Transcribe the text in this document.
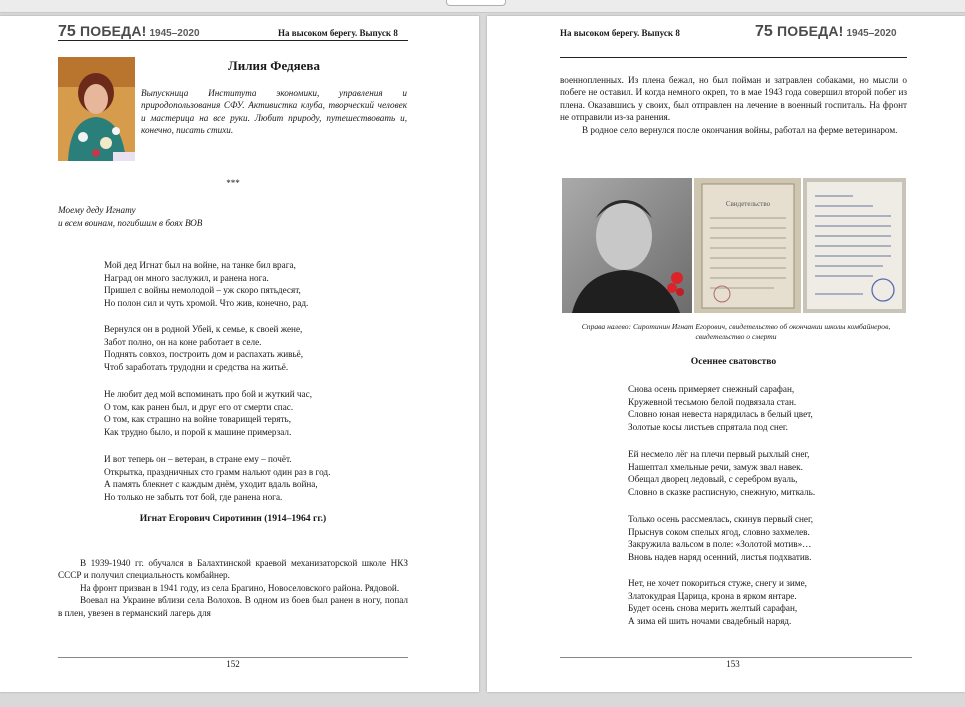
75 ПОБЕДА! 1945–2020	На высоком берегу. Выпуск 8
Лилия Федяева
Выпускница Института экономики, управления и природопользования СФУ. Активистка клуба, творческий человек и мастерица на все руки. Любит природу, путешествовать и, конечно, писать стихи.
***
Моему деду Игнату
и всем воинам, погибшим в боях ВОВ
Мой дед Игнат был на войне, на танке бил врага,
Наград он много заслужил, и ранена нога.
Пришел с войны немолодой – уж скоро пятьдесят,
Но полон сил и чуть хромой. Что жив, конечно, рад.
Вернулся он в родной Убей, к семье, к своей жене,
Забот полно, он на коне работает в селе.
Поднять совхоз, построить дом и распахать живьё,
Чтоб заработать трудодни и средства на житьё.
Не любит дед мой вспоминать про бой и жуткий час,
О том, как ранен был, и друг его от смерти спас.
О том, как страшно на войне товарищей терять,
Как трудно было, и порой к машине примерзал.
И вот теперь он – ветеран, в стране ему – почёт.
Открытка, праздничных сто грамм нальют один раз в год.
А память блекнет с каждым днём, уходит вдаль война,
Но только не забыть тот бой, где ранена нога.
Игнат Егорович Сиротинин (1914–1964 гг.)

В 1939-1940 гг. обучался в Балахтинской краевой механизаторской школе НКЗ СССР и получил специальность комбайнер.

На фронт призван в 1941 году, из села Брагино, Новоселовского района. Рядовой.

Воевал на Украине вблизи села Волохов. В одном из боев был ранен в ногу, попал в плен, увезен в германский лагерь для

152
На высоком берегу. Выпуск 8	75 ПОБЕДА! 1945–2020

военнопленных. Из плена бежал, но был пойман и затравлен собаками, но мысли о побеге не оставил. И когда немного окреп, то в мае 1943 года совершил второй побег из плена. Оказавшись у своих, был отправлен на лечение в военный госпиталь. На фронт не отправили из-за ранения.

В родное село вернулся после окончания войны, работал на ферме ветеринаром.

Свидетельство
Справа налево: Сиротинин Игнат Егорович, свидетельство об окончании школы комбайнеров, свидетельство о смерти
Осеннее сватовство
Снова осень примеряет снежный сарафан,
Кружевной тесьмою белой подвязала стан.
Словно юная невеста нарядилась в белый цвет,
Золотые косы листьев спрятала под снег.
Ей несмело лёг на плечи первый рыхлый снег,
Нашептал хмельные речи, замуж звал навек.
Обещал дворец ледовый, с серебром вуаль,
Словно в сказке расписную, снежную, миткаль.
Только осень рассмеялась, скинув первый снег,
Прыснув соком спелых ягод, словно захмелев.
Закружила вальсом в поле: «Золотой мотив»…
Вновь надев наряд осенний, листья подхватив.
Нет, не хочет покориться стуже, снегу и зиме,
Златокудрая Царица, крона в ярком янтаре.
Будет осень снова мерить желтый сарафан,
А зима ей шить ночами свадебный наряд.
153
